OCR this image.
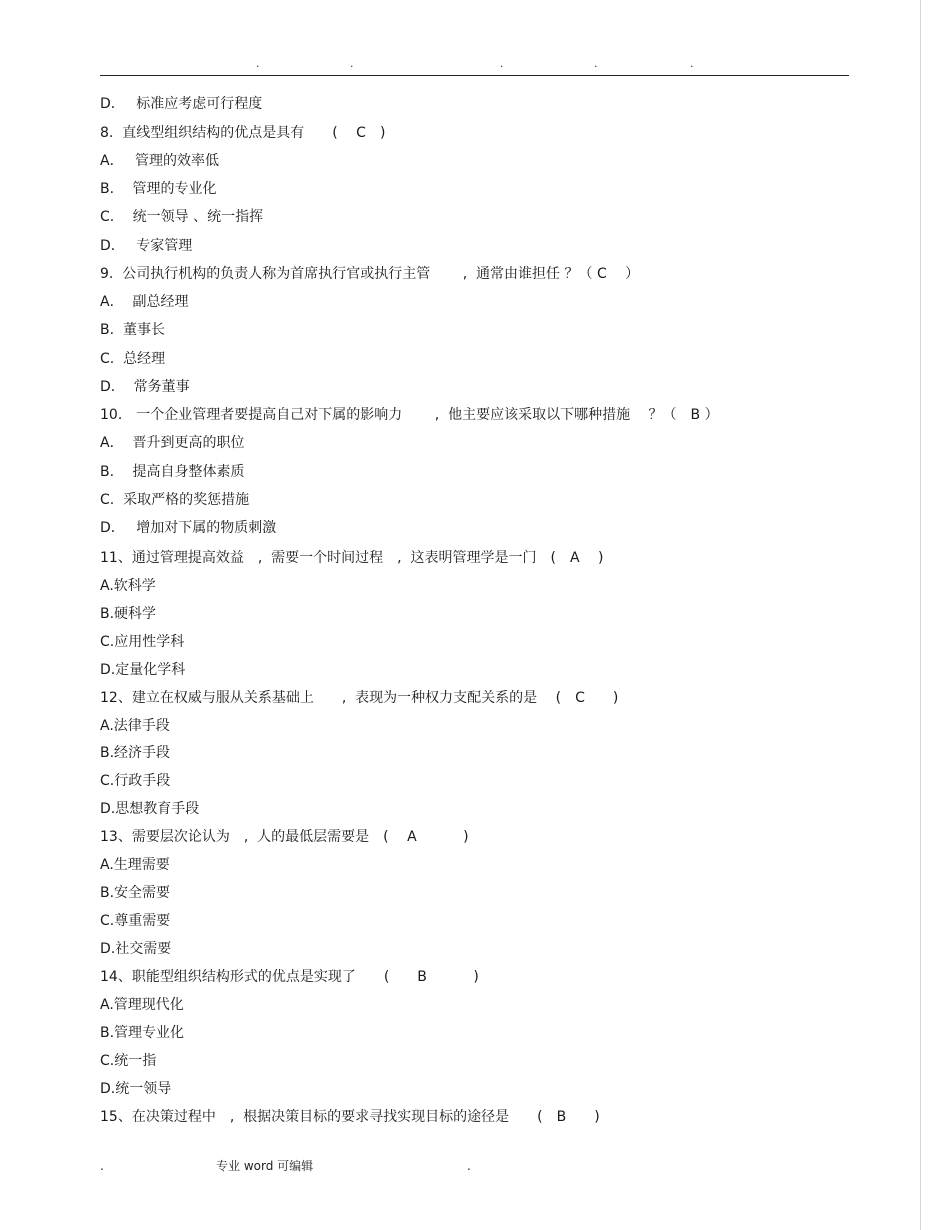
.	.	.	.	.
D．　 标准应考虑可行程度
8.  直线型组织结构的优点是具有　　(　 C　)
A．　 管理的效率低
B.　 管理的专业化
C.　 统一领导 、统一指挥
D．　 专家管理
9.  公司执行机构的负责人称为首席执行官或执行主管　　 ,  通常由谁担任 ？（ C　 ）
A．  副总经理
B.  董事长
C.  总经理
D．  常务董事
10． 一个企业管理者要提高自己对下属的影响力　　 ,  他主要应该采取以下哪种措施　 ？（　B ）
A．  晋升到更高的职位
B.　 提高自身整体素质
C.  采取严格的奖惩措施
D．　 增加对下属的物质刺激
11、通过管理提高效益　,  需要一个时间过程　,  这表明管理学是一门　(　A　 )
A.软科学
B.硬科学
C.应用性学科
D.定量化学科
12、建立在权威与服从关系基础上　　,  表现为一种权力支配关系的是　 (　C　　)
A.法律手段
B.经济手段
C.行政手段
D.思想教育手段
13、需要层次论认为　,  人的最低层需要是　(　 A　　　 )
A.生理需要
B.安全需要
C.尊重需要
D.社交需要
14、职能型组织结构形式的优点是实现了　　(　　B　　　 )
A.管理现代化
B.管理专业化
C.统一指
D.统一领导
15、在决策过程中　,  根据决策目标的要求寻找实现目标的途径是　　(　B　　)
.	专业 word 可编辑	.
